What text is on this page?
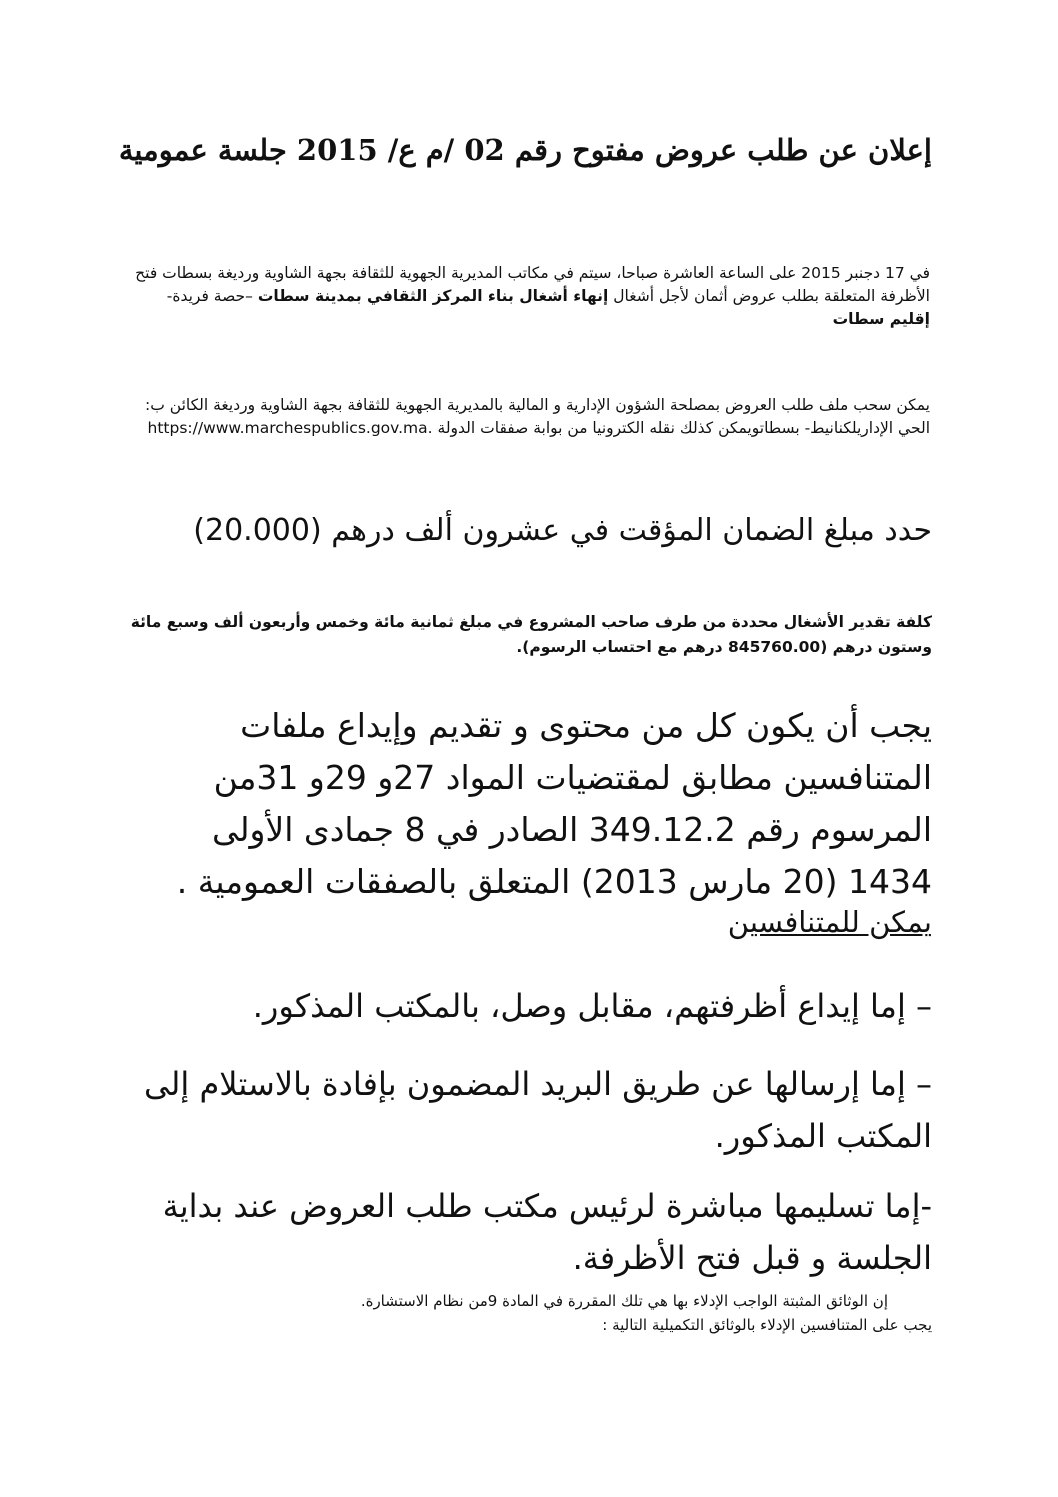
إعلان عن طلب عروض مفتوح رقم 02 /م ع/ 2015 جلسة عمومية
في 17 دجنبر 2015 على الساعة العاشرة صباحا، سيتم في مكاتب المديرية الجهوية للثقافة بجهة الشاوية ورديغة بسطات فتح الأظرفة المتعلقة بطلب عروض أثمان لأجل أشغال إنهاء أشغال بناء المركز الثقافي بمدينة سطات –حصة فريدة-إقليم سطات
يمكن سحب ملف طلب العروض بمصلحة الشؤون الإدارية و المالية بالمديرية الجهوية للثقافة بجهة الشاوية ورديغة الكائن ب: الحي الإداريلكنانيط- بسطاتويمكن كذلك نقله الكترونيا من بوابة صفقات الدولة https://www.marchespublics.gov.ma.
حدد مبلغ الضمان المؤقت في عشرون ألف درهم (20.000)
كلفة تقدير الأشغال محددة من طرف صاحب المشروع في مبلغ ثمانية مائة وخمس وأربعون ألف وسبع مائة وستون درهم (845760.00 درهم مع احتساب الرسوم).
يجب أن يكون كل من محتوى و تقديم وإيداع ملفات المتنافسين مطابق لمقتضيات المواد 27و 29و 31من المرسوم رقم 349.12.2 الصادر في 8 جمادى الأولى 1434 (20 مارس 2013) المتعلق بالصفقات العمومية .
يمكن للمتنافسين
– إما إيداع أظرفتهم، مقابل وصل، بالمكتب المذكور.
– إما إرسالها عن طريق البريد المضمون بإفادة بالاستلام إلى المكتب المذكور.
-إما تسليمها مباشرة لرئيس مكتب طلب العروض عند بداية الجلسة و قبل فتح الأظرفة.
إن الوثائق المثبتة الواجب الإدلاء بها هي تلك المقررة في المادة 9من نظام الاستشارة.
يجب على المتنافسين الإدلاء بالوثائق التكميلية التالية :
